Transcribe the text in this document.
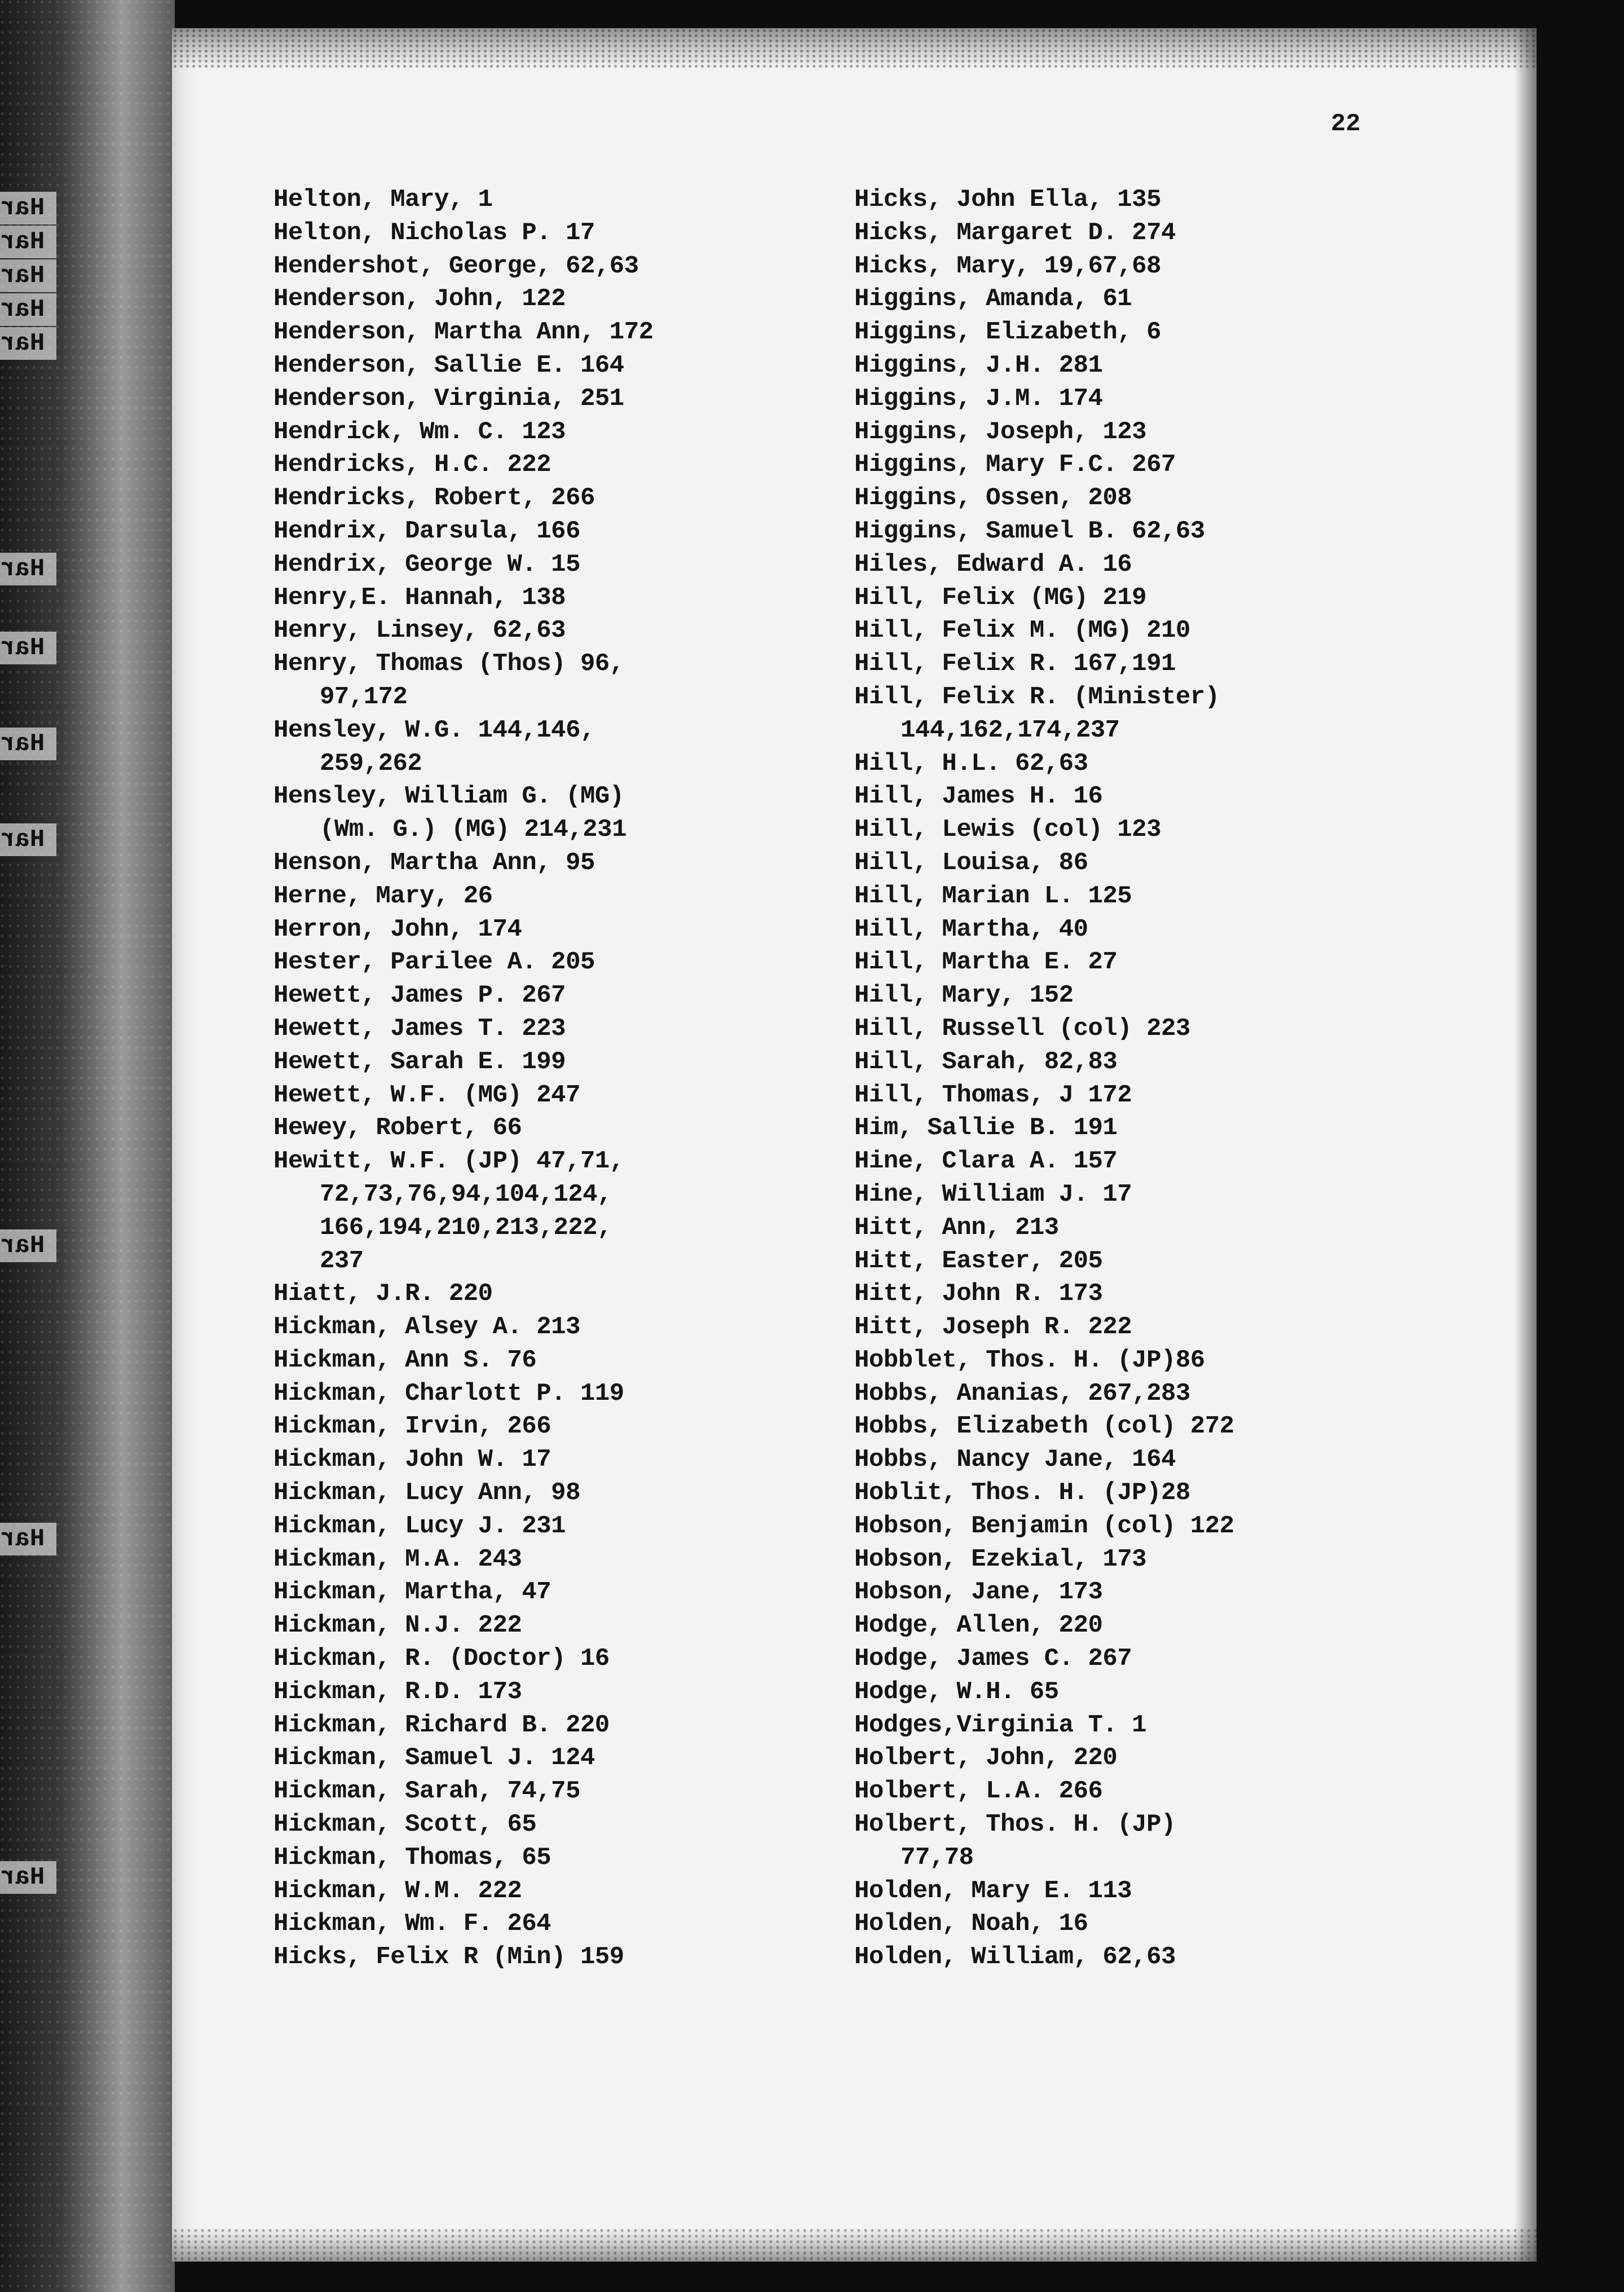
Har
Har
Har
Har
Har
Har
Har
Har
Har
Har
Har
Har
22
Helton, Mary, 1
Helton, Nicholas P. 17
Hendershot, George, 62,63
Henderson, John, 122
Henderson, Martha Ann, 172
Henderson, Sallie E. 164
Henderson, Virginia, 251
Hendrick, Wm. C. 123
Hendricks, H.C. 222
Hendricks, Robert, 266
Hendrix, Darsula, 166
Hendrix, George W. 15
Henry,E. Hannah, 138
Henry, Linsey, 62,63
Henry, Thomas (Thos) 96,
97,172
Hensley, W.G. 144,146,
259,262
Hensley, William G. (MG)
(Wm. G.) (MG) 214,231
Henson, Martha Ann, 95
Herne, Mary, 26
Herron, John, 174
Hester, Parilee A. 205
Hewett, James P. 267
Hewett, James T. 223
Hewett, Sarah E. 199
Hewett, W.F. (MG) 247
Hewey, Robert, 66
Hewitt, W.F. (JP) 47,71,
72,73,76,94,104,124,
166,194,210,213,222,
237
Hiatt, J.R. 220
Hickman, Alsey A. 213
Hickman, Ann S. 76
Hickman, Charlott P. 119
Hickman, Irvin, 266
Hickman, John W. 17
Hickman, Lucy Ann, 98
Hickman, Lucy J. 231
Hickman, M.A. 243
Hickman, Martha, 47
Hickman, N.J. 222
Hickman, R. (Doctor) 16
Hickman, R.D. 173
Hickman, Richard B. 220
Hickman, Samuel J. 124
Hickman, Sarah, 74,75
Hickman, Scott, 65
Hickman, Thomas, 65
Hickman, W.M. 222
Hickman, Wm. F. 264
Hicks, Felix R (Min) 159
Hicks, John Ella, 135
Hicks, Margaret D. 274
Hicks, Mary, 19,67,68
Higgins, Amanda, 61
Higgins, Elizabeth, 6
Higgins, J.H. 281
Higgins, J.M. 174
Higgins, Joseph, 123
Higgins, Mary F.C. 267
Higgins, Ossen, 208
Higgins, Samuel B. 62,63
Hiles, Edward A. 16
Hill, Felix (MG) 219
Hill, Felix M. (MG) 210
Hill, Felix R. 167,191
Hill, Felix R. (Minister)
144,162,174,237
Hill, H.L. 62,63
Hill, James H. 16
Hill, Lewis (col) 123
Hill, Louisa, 86
Hill, Marian L. 125
Hill, Martha, 40
Hill, Martha E. 27
Hill, Mary, 152
Hill, Russell (col) 223
Hill, Sarah, 82,83
Hill, Thomas, J 172
Him, Sallie B. 191
Hine, Clara A. 157
Hine, William J. 17
Hitt, Ann, 213
Hitt, Easter, 205
Hitt, John R. 173
Hitt, Joseph R. 222
Hobblet, Thos. H. (JP)86
Hobbs, Ananias, 267,283
Hobbs, Elizabeth (col) 272
Hobbs, Nancy Jane, 164
Hoblit, Thos. H. (JP)28
Hobson, Benjamin (col) 122
Hobson, Ezekial, 173
Hobson, Jane, 173
Hodge, Allen, 220
Hodge, James C. 267
Hodge, W.H. 65
Hodges,Virginia T. 1
Holbert, John, 220
Holbert, L.A. 266
Holbert, Thos. H. (JP)
77,78
Holden, Mary E. 113
Holden, Noah, 16
Holden, William, 62,63
